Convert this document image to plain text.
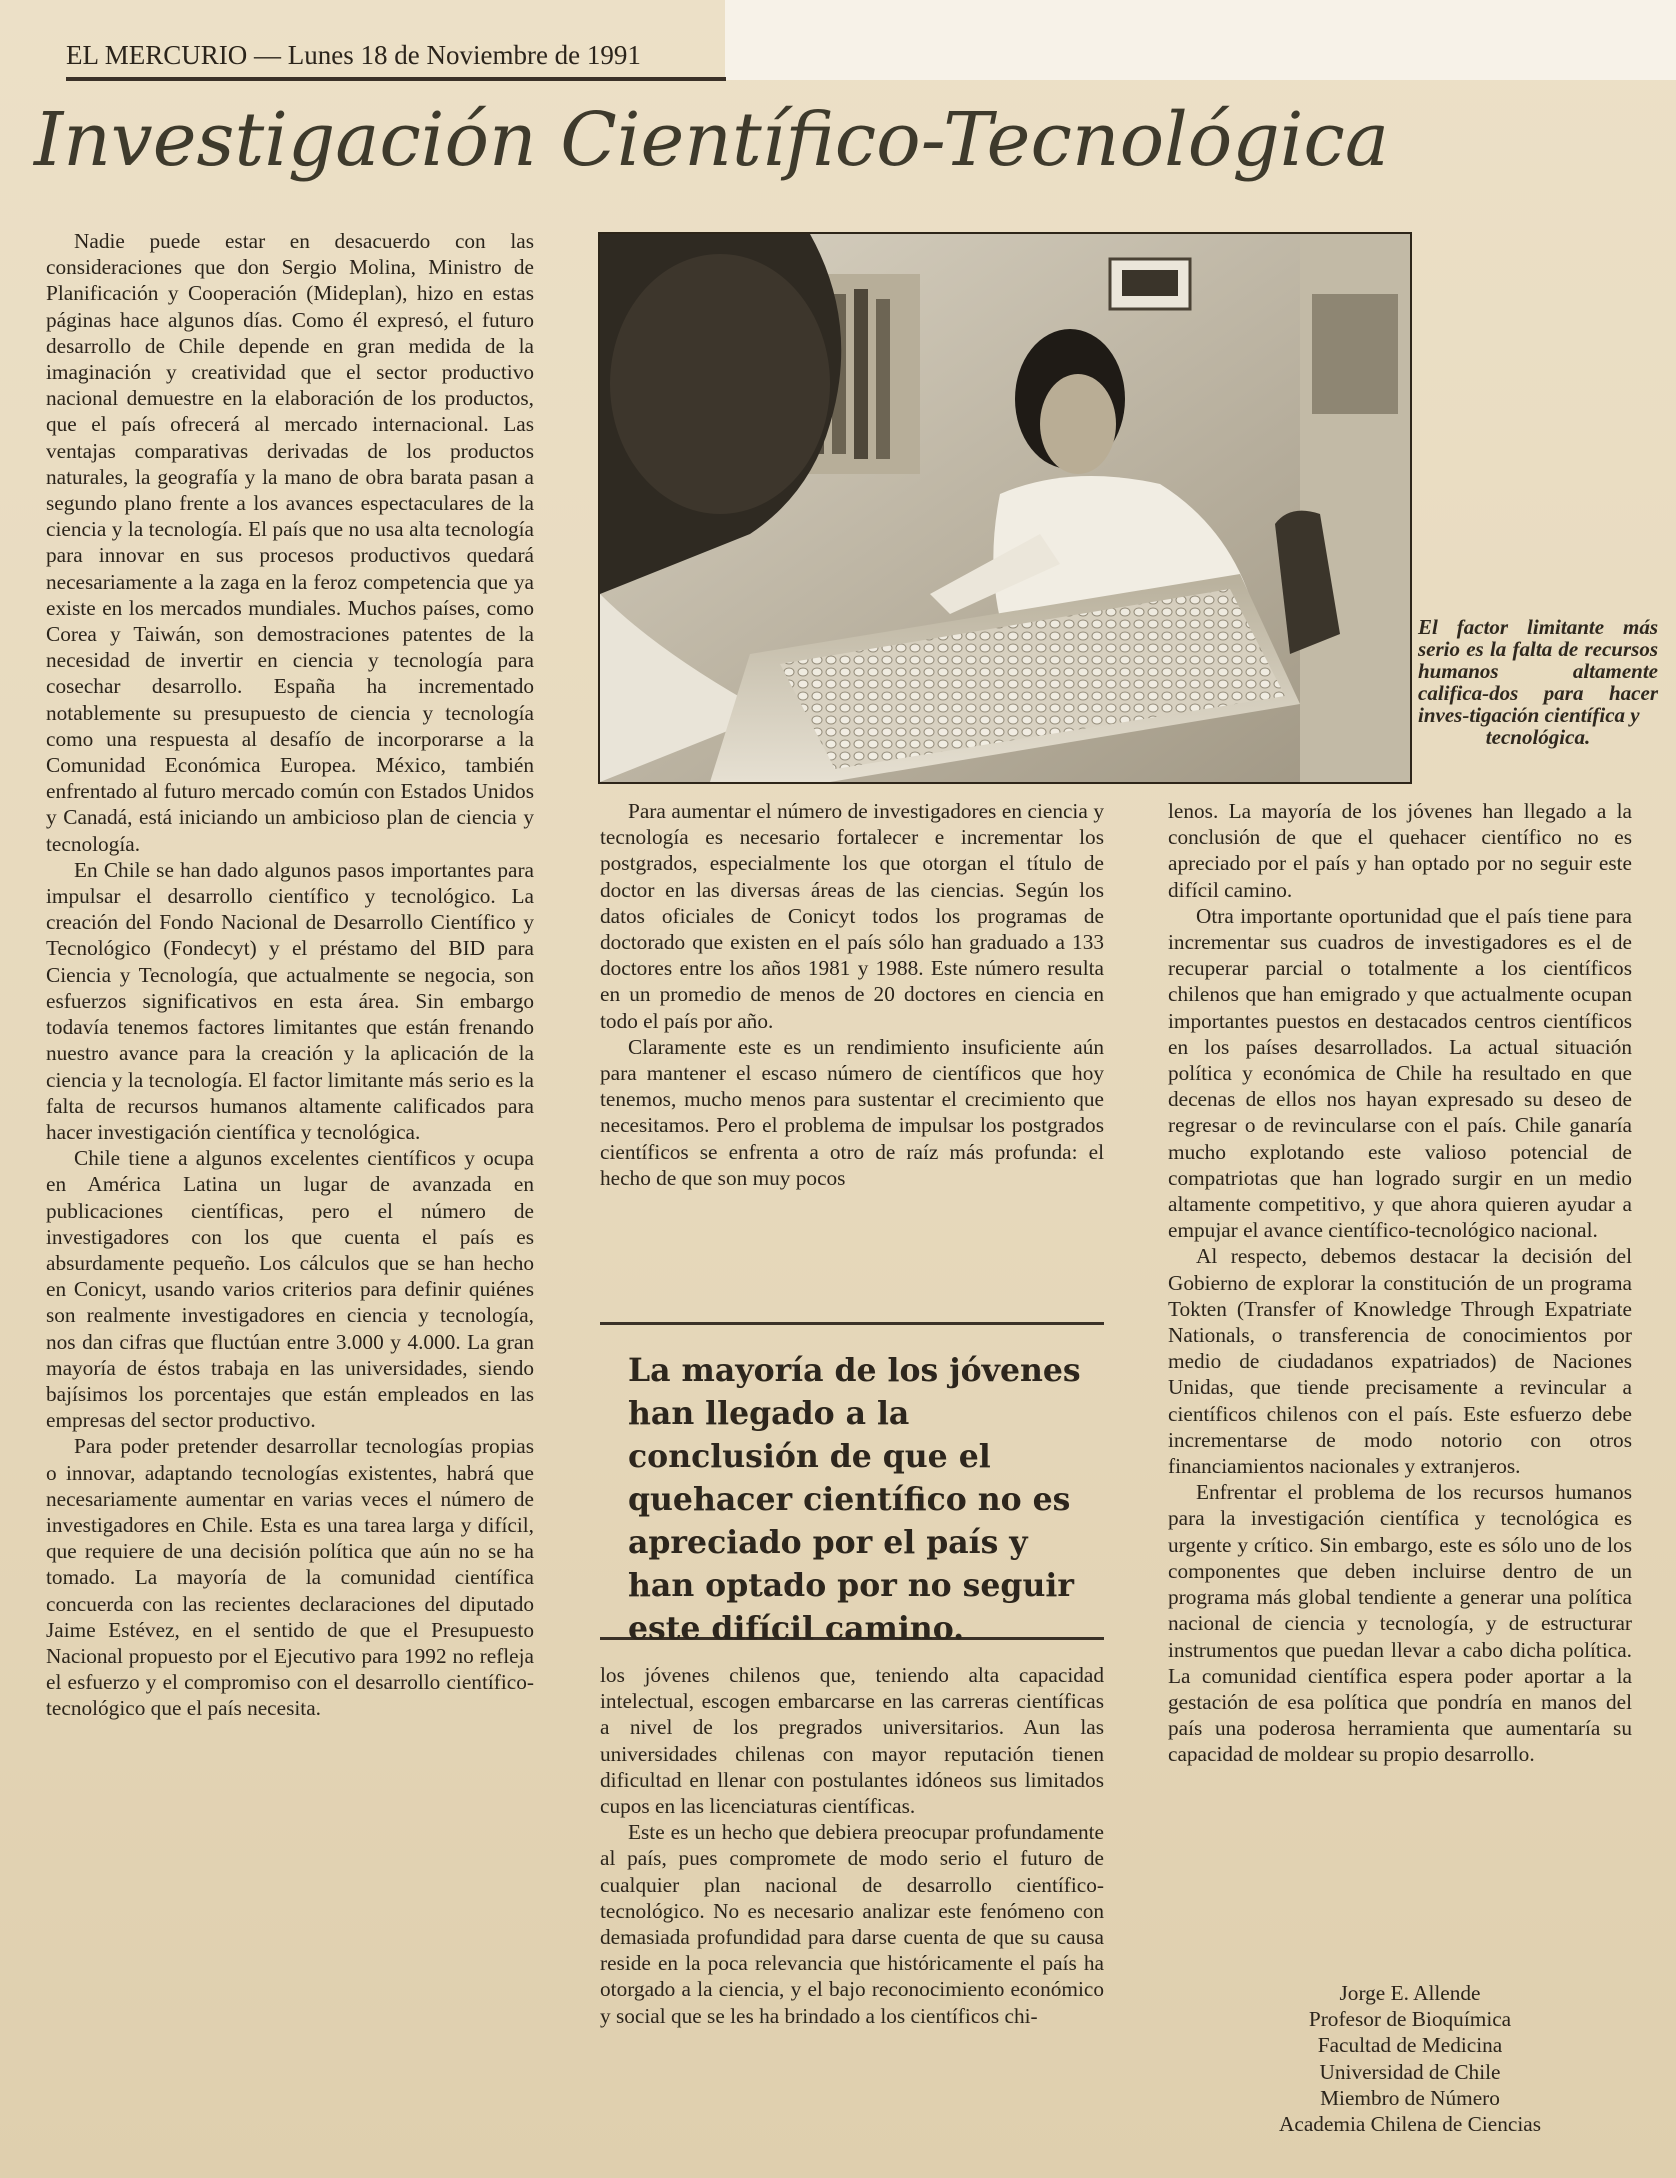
EL MERCURIO — Lunes 18 de Noviembre de 1991
Investigación Científico-Tecnológica

Nadie puede estar en desacuerdo con las consideraciones que don Sergio Molina, Ministro de Planificación y Cooperación (Mideplan), hizo en estas páginas hace algunos días. Como él expresó, el futuro desarrollo de Chile depende en gran medida de la imaginación y creatividad que el sector productivo nacional demuestre en la elaboración de los productos, que el país ofrecerá al mercado internacional. Las ventajas comparativas derivadas de los productos naturales, la geografía y la mano de obra barata pasan a segundo plano frente a los avances espectaculares de la ciencia y la tecnología. El país que no usa alta tecnología para innovar en sus procesos productivos quedará necesariamente a la zaga en la feroz competencia que ya existe en los mercados mundiales. Muchos países, como Corea y Taiwán, son demostraciones patentes de la necesidad de invertir en ciencia y tecnología para cosechar desarrollo. España ha incrementado notablemente su presupuesto de ciencia y tecnología como una respuesta al desafío de incorporarse a la Comunidad Económica Europea. México, también enfrentado al futuro mercado común con Estados Unidos y Canadá, está iniciando un ambicioso plan de ciencia y tecnología.

En Chile se han dado algunos pasos importantes para impulsar el desarrollo científico y tecnológico. La creación del Fondo Nacional de Desarrollo Científico y Tecnológico (Fondecyt) y el préstamo del BID para Ciencia y Tecnología, que actualmente se negocia, son esfuerzos significativos en esta área. Sin embargo todavía tenemos factores limitantes que están frenando nuestro avance para la creación y la aplicación de la ciencia y la tecnología. El factor limitante más serio es la falta de recursos humanos altamente calificados para hacer investigación científica y tecnológica.

Chile tiene a algunos excelentes científicos y ocupa en América Latina un lugar de avanzada en publicaciones científicas, pero el número de investigadores con los que cuenta el país es absurdamente pequeño. Los cálculos que se han hecho en Conicyt, usando varios criterios para definir quiénes son realmente investigadores en ciencia y tecnología, nos dan cifras que fluctúan entre 3.000 y 4.000. La gran mayoría de éstos trabaja en las universidades, siendo bajísimos los porcentajes que están empleados en las empresas del sector productivo.

Para poder pretender desarrollar tecnologías propias o innovar, adaptando tecnologías existentes, habrá que necesariamente aumentar en varias veces el número de investigadores en Chile. Esta es una tarea larga y difícil, que requiere de una decisión política que aún no se ha tomado. La mayoría de la comunidad científica concuerda con las recientes declaraciones del diputado Jaime Estévez, en el sentido de que el Presupuesto Nacional propuesto por el Ejecutivo para 1992 no refleja el esfuerzo y el compromiso con el desarrollo científico-tecnológico que el país necesita.

El factor limitante más serio es la falta de recursos humanos altamente califica-dos para hacer inves-tigación científica y
tecnológica.

Para aumentar el número de investigadores en ciencia y tecnología es necesario fortalecer e incrementar los postgrados, especialmente los que otorgan el título de doctor en las diversas áreas de las ciencias. Según los datos oficiales de Conicyt todos los programas de doctorado que existen en el país sólo han graduado a 133 doctores entre los años 1981 y 1988. Este número resulta en un promedio de menos de 20 doctores en ciencia en todo el país por año.

Claramente este es un rendimiento insuficiente aún para mantener el escaso número de científicos que hoy tenemos, mucho menos para sustentar el crecimiento que necesitamos. Pero el problema de impulsar los postgrados científicos se enfrenta a otro de raíz más profunda: el hecho de que son muy pocos

La mayoría de los jóvenes han llegado a la conclusión de que el quehacer científico no es apreciado por el país y han optado por no seguir este difícil camino.

los jóvenes chilenos que, teniendo alta capacidad intelectual, escogen embarcarse en las carreras científicas a nivel de los pregrados universitarios. Aun las universidades chilenas con mayor reputación tienen dificultad en llenar con postulantes idóneos sus limitados cupos en las licenciaturas científicas.

Este es un hecho que debiera preocupar profundamente al país, pues compromete de modo serio el futuro de cualquier plan nacional de desarrollo científico-tecnológico. No es necesario analizar este fenómeno con demasiada profundidad para darse cuenta de que su causa reside en la poca relevancia que históricamente el país ha otorgado a la ciencia, y el bajo reconocimiento económico y social que se les ha brindado a los científicos chi-

lenos. La mayoría de los jóvenes han llegado a la conclusión de que el quehacer científico no es apreciado por el país y han optado por no seguir este difícil camino.

Otra importante oportunidad que el país tiene para incrementar sus cuadros de investigadores es el de recuperar parcial o totalmente a los científicos chilenos que han emigrado y que actualmente ocupan importantes puestos en destacados centros científicos en los países desarrollados. La actual situación política y económica de Chile ha resultado en que decenas de ellos nos hayan expresado su deseo de regresar o de revincularse con el país. Chile ganaría mucho explotando este valioso potencial de compatriotas que han logrado surgir en un medio altamente competitivo, y que ahora quieren ayudar a empujar el avance científico-tecnológico nacional.

Al respecto, debemos destacar la decisión del Gobierno de explorar la constitución de un programa Tokten (Transfer of Knowledge Through Expatriate Nationals, o transferencia de conocimientos por medio de ciudadanos expatriados) de Naciones Unidas, que tiende precisamente a revincular a científicos chilenos con el país. Este esfuerzo debe incrementarse de modo notorio con otros financiamientos nacionales y extranjeros.

Enfrentar el problema de los recursos humanos para la investigación científica y tecnológica es urgente y crítico. Sin embargo, este es sólo uno de los componentes que deben incluirse dentro de un programa más global tendiente a generar una política nacional de ciencia y tecnología, y de estructurar instrumentos que puedan llevar a cabo dicha política. La comunidad científica espera poder aportar a la gestación de esa política que pondría en manos del país una poderosa herramienta que aumentaría su capacidad de moldear su propio desarrollo.

Jorge E. Allende
Profesor de Bioquímica
Facultad de Medicina
Universidad de Chile
Miembro de Número
Academia Chilena de Ciencias
